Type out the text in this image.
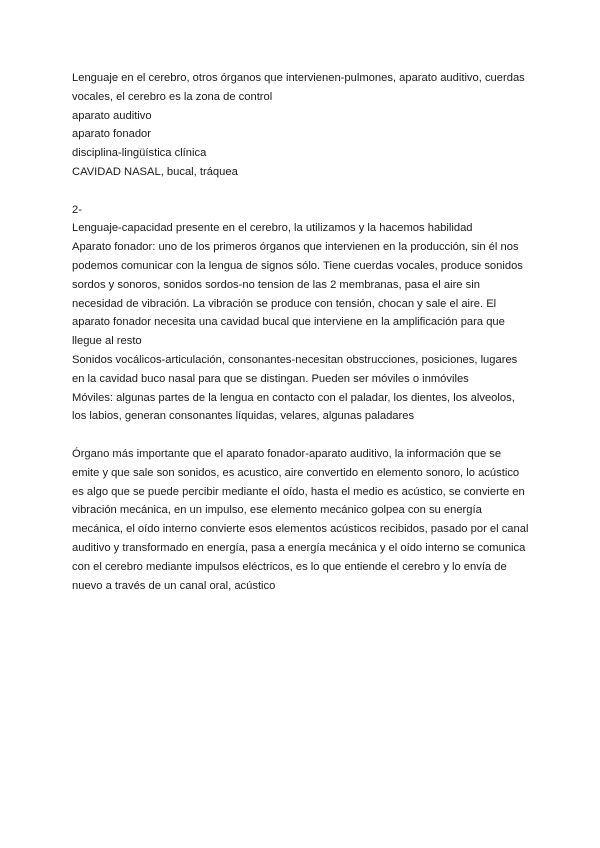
Lenguaje en el cerebro, otros órganos que intervienen-pulmones, aparato auditivo, cuerdas

vocales, el cerebro es la zona de control

aparato auditivo

aparato fonador

disciplina-lingüística clínica

CAVIDAD NASAL, bucal, tráquea

2-

Lenguaje-capacidad presente en el cerebro, la utilizamos y la hacemos habilidad

Aparato fonador: uno de los primeros órganos que intervienen en la producción, sin él nos

podemos comunicar con la lengua de signos sólo. Tiene cuerdas vocales, produce sonidos

sordos y sonoros, sonidos sordos-no tension de las 2 membranas, pasa el aire sin

necesidad de vibración. La vibración se produce con tensión, chocan y sale el aire. El

aparato fonador necesita una cavidad bucal que interviene en la amplificación para que

llegue al resto

Sonidos vocálicos-articulación, consonantes-necesitan obstrucciones, posiciones, lugares

en la cavidad buco nasal para que se distingan. Pueden ser móviles o inmóviles

Móviles: algunas partes de la lengua en contacto con el paladar, los dientes, los alveolos,

los labios, generan consonantes líquidas, velares, algunas paladares

Órgano más importante que el aparato fonador-aparato auditivo, la información que se

emite y que sale son sonidos, es acustico, aire convertido en elemento sonoro, lo acústico

es algo que se puede percibir mediante el oído, hasta el medio es acústico, se convierte en

vibración mecánica, en un impulso, ese elemento mecánico golpea con su energía

mecánica, el oído interno convierte esos elementos acústicos recibidos, pasado por el canal

auditivo y transformado en energía, pasa a energía mecánica y el oído interno se comunica

con el cerebro mediante impulsos eléctricos, es lo que entiende el cerebro y lo envía de

nuevo a través de un canal oral, acústico
